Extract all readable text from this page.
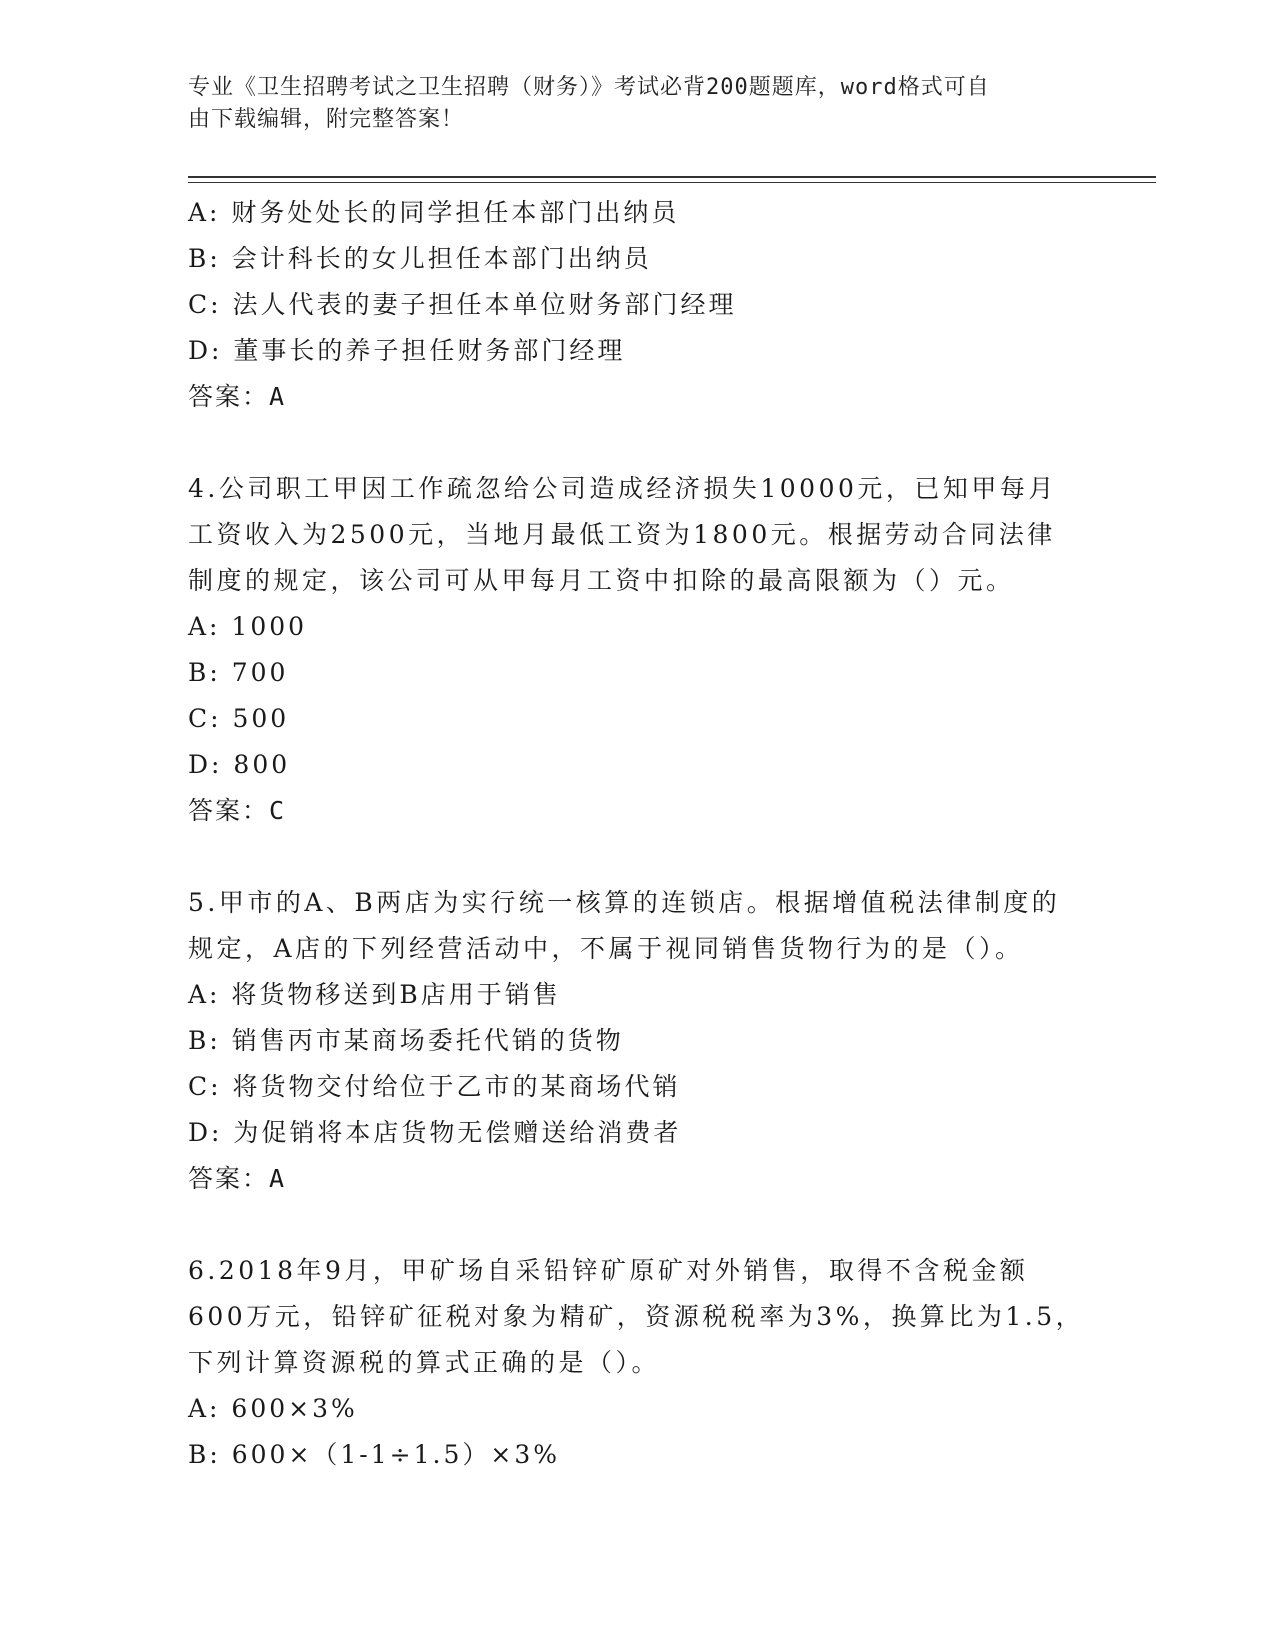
专业《卫生招聘考试之卫生招聘（财务）》考试必背200题题库，word格式可自
由下载编辑，附完整答案！
A: 财务处处长的同学担任本部门出纳员
B: 会计科长的女儿担任本部门出纳员
C: 法人代表的妻子担任本单位财务部门经理
D: 董事长的养子担任财务部门经理
答案：A
4.公司职工甲因工作疏忽给公司造成经济损失10000元，已知甲每月
工资收入为2500元，当地月最低工资为1800元。根据劳动合同法律
制度的规定，该公司可从甲每月工资中扣除的最高限额为（）元。
A: 1000
B: 700
C: 500
D: 800
答案：C
5.甲市的A、B两店为实行统一核算的连锁店。根据增值税法律制度的
规定，A店的下列经营活动中，不属于视同销售货物行为的是（）。
A: 将货物移送到B店用于销售
B: 销售丙市某商场委托代销的货物
C: 将货物交付给位于乙市的某商场代销
D: 为促销将本店货物无偿赠送给消费者
答案：A
6.2018年9月，甲矿场自采铅锌矿原矿对外销售，取得不含税金额
600万元，铅锌矿征税对象为精矿，资源税税率为3%，换算比为1.5，
下列计算资源税的算式正确的是（）。
A: 600×3%
B: 600×（1-1÷1.5）×3%
